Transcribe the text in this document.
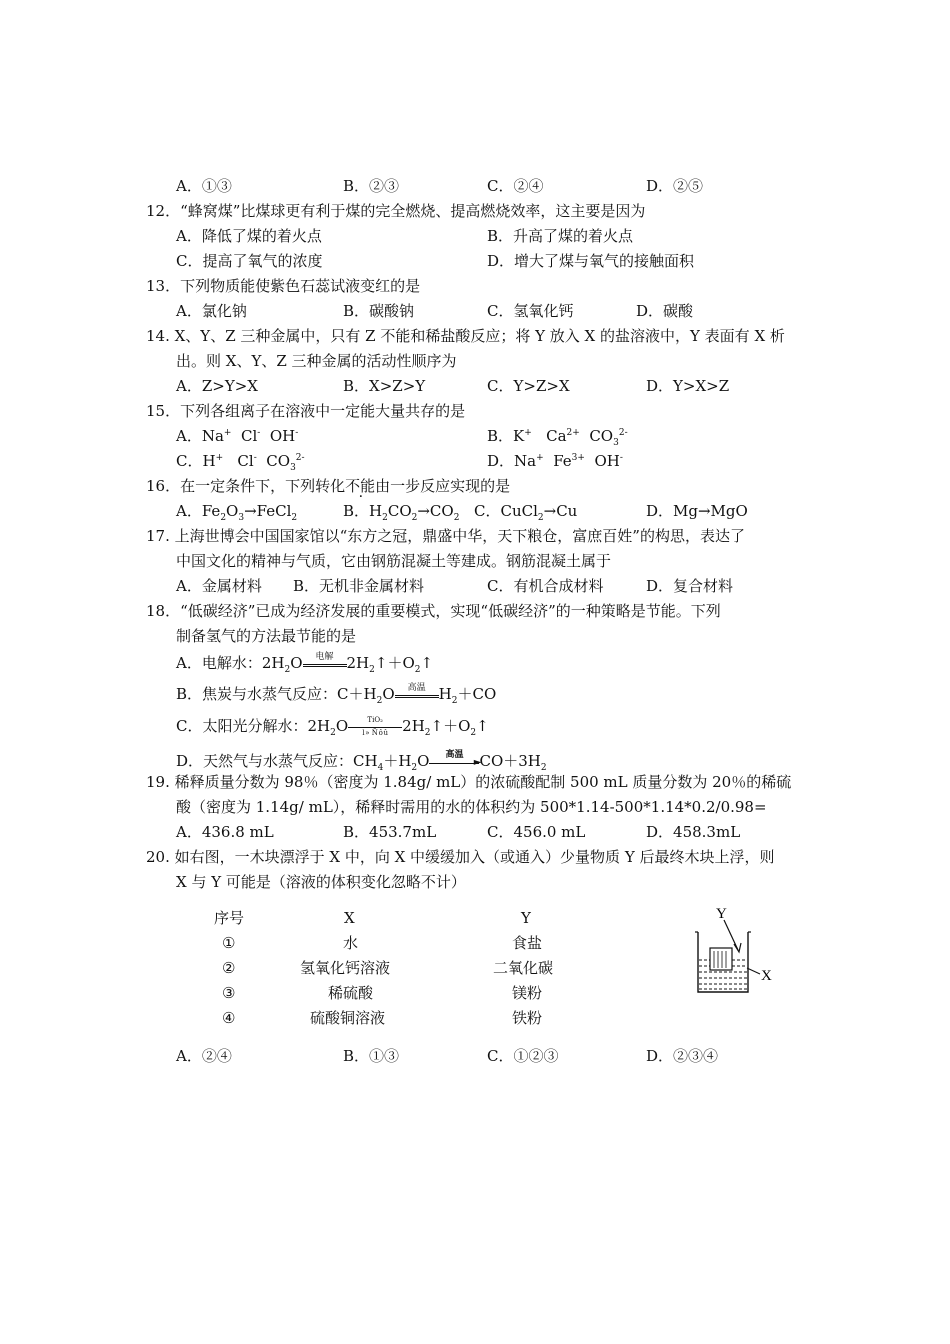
A．①③	B．②③	C．②④	D．②⑤
12．“蜂窝煤”比煤球更有利于煤的完全燃烧、提高燃烧效率，这主要是因为
A．降低了煤的着火点	B．升高了煤的着火点
C．提高了氧气的浓度	D．增大了煤与氧气的接触面积
13．下列物质能使紫色石蕊试液变红的是
A．氯化钠	B．碳酸钠	C．氢氧化钙	D．碳酸
14. X、Y、Z 三种金属中，只有 Z 不能和稀盐酸反应；将 Y 放入 X 的盐溶液中，Y 表面有 X 析
出。则 X、Y、Z 三种金属的活动性顺序为
A．Z>Y>X	B．X>Z>Y	C．Y>Z>X	D．Y>X>Z
15．下列各组离子在溶液中一定能大量共存的是
A．Na+  Cl-  OH-	B．K+   $Ca^{2+}$  $CO_3^{2-}$
C．H+   Cl-  $CO_3^{2-}$	D．Na+  $Fe^{3+}$  OH-
16．在一定条件下，下列转化不能由一步反应实现的是
A．$Fe_2O_3\to FeCl_2$	B．$H_2CO_2\to CO_2$ C．CuCl$_2$→Cu	D．Mg→MgO
17. 上海世博会中国国家馆以“东方之冠，鼎盛中华，天下粮仓，富庶百姓”的构思，表达了
中国文化的精神与气质，它由钢筋混凝土等建成。钢筋混凝土属于
A．金属材料 B．无机非金属材料	C．有机合成材料	D．复合材料
18．“低碳经济”已成为经济发展的重要模式，实现“低碳经济”的一种策略是节能。下列
制备氢气的方法最节能的是
A．电解水：$2H_2O$	电解 $2H_2↑+O_2↑$
B．焦炭与水蒸气反应：$C+H_2O$	高温 $H_2+CO$
C．太阳光分解水：$2H_2O$	TiO₂
l » Ñ ô û $2H_2↑+O_2↑$
D．天然气与水蒸气反应：$CH_4+H_2O$	高温
►
$CO+3H_2$
19. 稀释质量分数为 98％（密度为 1.84g/ mL）的浓硫酸配制 500 mL 质量分数为 20％的稀硫
酸（密度为 1.14g/ mL），稀释时需用的水的体积约为 500*1.14-500*1.14*0.2/0.98=
A．436.8 mL	B．453.7mL	C．456.0 mL	D．458.3mL
20. 如右图，一木块漂浮于 X 中，向 X 中缓缓加入（或通入）少量物质 Y 后最终木块上浮，则
X 与 Y 可能是（溶液的体积变化忽略不计）
序号	X	Y
①	水	食盐
②	氢氧化钙溶液	二氧化碳
③	稀硫酸	镁粉
④	硫酸铜溶液	铁粉
Y
X
A．②④	B．①③	C．①②③	D．②③④
